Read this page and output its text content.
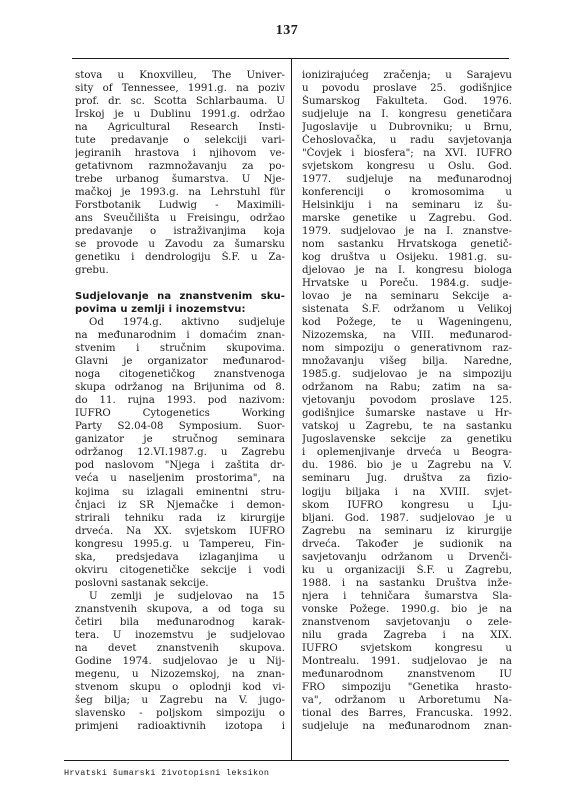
137
stova u Knoxvilleu, The Univer-
sity of Tennessee, 1991.g. na poziv
prof. dr. sc. Scotta Schlarbauma. U
Irskoj je u Dublinu 1991.g. održao
na Agricultural Research Insti-
tute predavanje o selekciji vari-
jegiranih hrastova i njihovom ve-
getativnom razmnožavanju za po-
trebe urbanog šumarstva. U Nje-
mačkoj je 1993.g. na Lehrstuhl für
Forstbotanik Ludwig - Maximili-
ans Sveučilišta u Freisingu, održao
predavanje o istraživanjima koja
se provode u Zavodu za šumarsku
genetiku i dendrologiju Š.F. u Za-
grebu.
Sudjelovanje na znanstvenim sku-
povima u zemlji i inozemstvu:
Od 1974.g. aktivno sudjeluje
na međunarodnim i domaćim znan-
stvenim i stručnim skupovima.
Glavni je organizator međunarod-
noga citogenetičkog znanstvenoga
skupa održanog na Brijunima od 8.
do 11. rujna 1993. pod nazivom:
IUFRO Cytogenetics Working
Party S2.04-08 Symposium. Suor-
ganizator je stručnog seminara
održanog 12.VI.1987.g. u Zagrebu
pod naslovom "Njega i zaštita dr-
veća u naseljenim prostorima", na
kojima su izlagali eminentni stru-
čnjaci iz SR Njemačke i demon-
strirali tehniku rada iz kirurgije
drveća. Na XX. svjetskom IUFRO
kongresu 1995.g. u Tampereu, Fin-
ska, predsjedava izlaganjima u
okviru citogenetičke sekcije i vodi
poslovni sastanak sekcije.
U zemlji je sudjelovao na 15
znanstvenih skupova, a od toga su
četiri bila međunarodnog karak-
tera. U inozemstvu je sudjelovao
na devet znanstvenih skupova.
Godine 1974. sudjelovao je u Nij-
megenu, u Nizozemskoj, na znan-
stvenom skupu o oplodnji kod vi-
šeg bilja; u Zagrebu na V. jugo-
slavensko - poljskom simpoziju o
primjeni radioaktivnih izotopa i
ionizirajućeg zračenja; u Sarajevu
u povodu proslave 25. godišnjice
Šumarskog Fakulteta. God. 1976.
sudjeluje na I. kongresu genetičara
Jugoslavije u Dubrovniku; u Brnu,
Čehoslovačka, u radu savjetovanja
"Čovjek i biosfera"; na XVI. IUFRO
svjetskom kongresu u Oslu. God.
1977. sudjeluje na međunarodnoj
konferenciji o kromosomima u
Helsinkiju i na seminaru iz šu-
marske genetike u Zagrebu. God.
1979. sudjelovao je na I. znanstve-
nom sastanku Hrvatskoga genetič-
kog društva u Osijeku. 1981.g. su-
djelovao je na I. kongresu biologa
Hrvatske u Poreču. 1984.g. sudje-
lovao je na seminaru Sekcije a-
sistenata Š.F. održanom u Velikoj
kod Požege, te u Wageningenu,
Nizozemska, na VIII. međunarod-
nom simpoziju o generativnom raz-
množavanju višeg bilja. Naredne,
1985.g. sudjelovao je na simpoziju
održanom na Rabu; zatim na sa-
vjetovanju povodom proslave 125.
godišnjice šumarske nastave u Hr-
vatskoj u Zagrebu, te na sastanku
Jugoslavenske sekcije za genetiku
i oplemenjivanje drveća u Beogra-
du. 1986. bio je u Zagrebu na V.
seminaru Jug. društva za fizio-
logiju biljaka i na XVIII. svjet-
skom IUFRO kongresu u Lju-
bljani. God. 1987. sudjelovao je u
Zagrebu na seminaru iz kirurgije
drveća. Također je sudionik na
savjetovanju održanom u Drvenči-
ku u organizaciji Š.F. u Zagrebu,
1988. i na sastanku Društva inže-
njera i tehničara šumarstva Sla-
vonske Požege. 1990.g. bio je na
znanstvenom savjetovanju o zele-
nilu grada Zagreba i na XIX.
IUFRO svjetskom kongresu u
Montrealu. 1991. sudjelovao je na
međunarodnom znanstvenom IU
FRO simpoziju "Genetika hrasto-
va", održanom u Arboretumu Na-
tional des Barres, Francuska. 1992.
sudjeluje na međunarodnom znan-
Hrvatski šumarski životopisni leksikon
